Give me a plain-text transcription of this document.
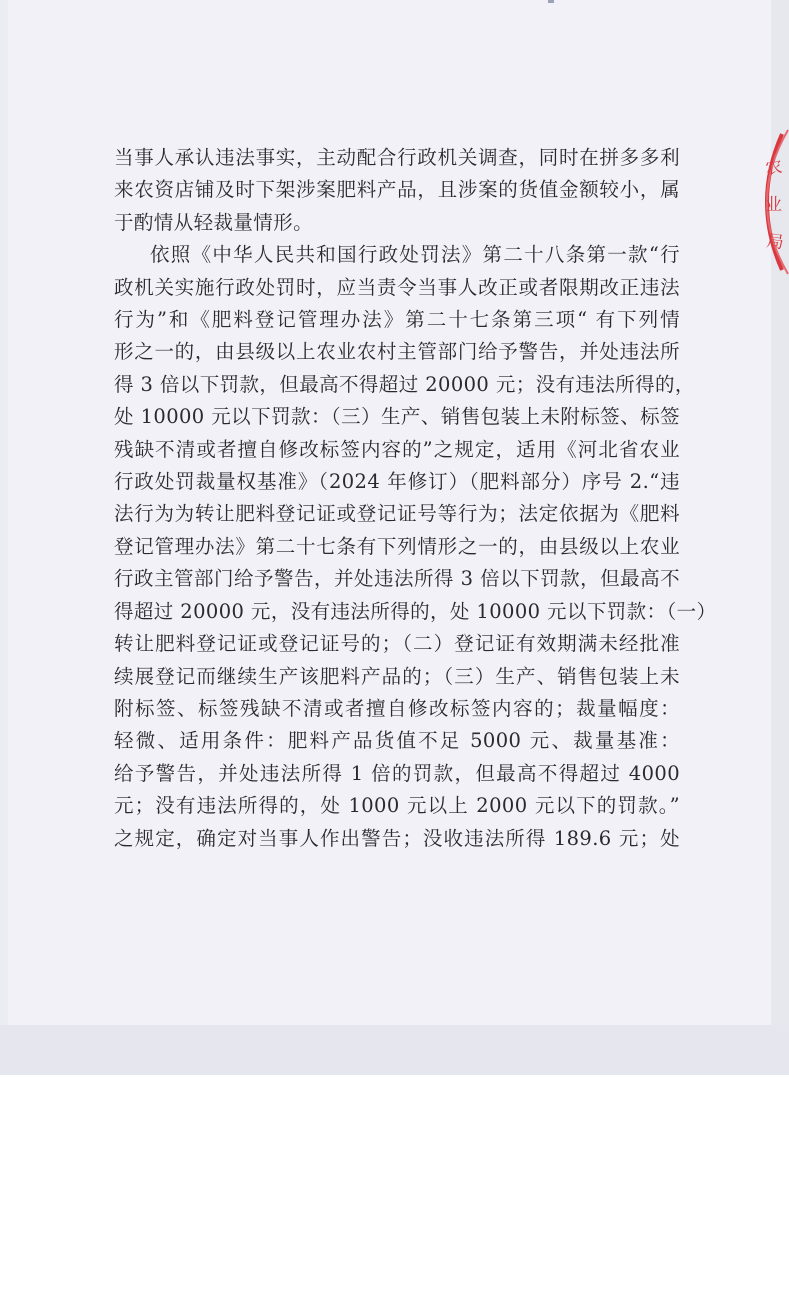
农
业
局
当事人承认违法事实，主动配合行政机关调查，同时在拼多多利
来农资店铺及时下架涉案肥料产品，且涉案的货值金额较小，属
于酌情从轻裁量情形。
依照《中华人民共和国行政处罚法》第二十八条第一款“行
政机关实施行政处罚时，应当责令当事人改正或者限期改正违法
行为”和《肥料登记管理办法》第二十七条第三项“ 有下列情
形之一的，由县级以上农业农村主管部门给予警告，并处违法所
得 3 倍以下罚款，但最高不得超过 20000 元；没有违法所得的，
处 10000 元以下罚款：（三）生产、销售包装上未附标签、标签
残缺不清或者擅自修改标签内容的”之规定，适用《河北省农业
行政处罚裁量权基准》（2024 年修订）（肥料部分）序号 2.“违
法行为为转让肥料登记证或登记证号等行为；法定依据为《肥料
登记管理办法》第二十七条有下列情形之一的，由县级以上农业
行政主管部门给予警告，并处违法所得 3 倍以下罚款，但最高不
得超过 20000 元，没有违法所得的，处 10000 元以下罚款：（一）
转让肥料登记证或登记证号的；（二）登记证有效期满未经批准
续展登记而继续生产该肥料产品的；（三）生产、销售包装上未
附标签、标签残缺不清或者擅自修改标签内容的；裁量幅度：
轻微、适用条件：肥料产品货值不足 5000 元、裁量基准：
给予警告，并处违法所得 1 倍的罚款，但最高不得超过 4000
元；没有违法所得的，处 1000 元以上 2000 元以下的罚款。”
之规定，确定对当事人作出警告；没收违法所得 189.6 元；处
